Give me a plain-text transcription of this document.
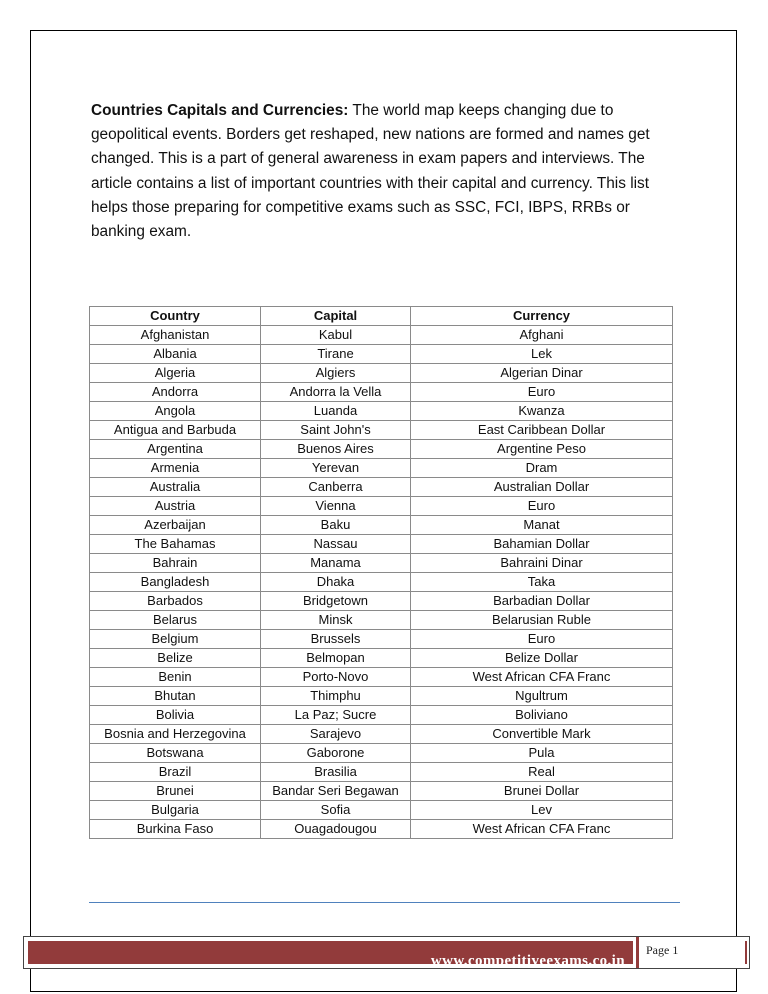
Countries Capitals and Currencies: The world map keeps changing due to geopolitical events. Borders get reshaped, new nations are formed and names get changed. This is a part of general awareness in exam papers and interviews. The article contains a list of important countries with their capital and currency. This list helps those preparing for competitive exams such as SSC, FCI, IBPS, RRBs or banking exam.

Country	Capital	Currency
Afghanistan	Kabul	Afghani
Albania	Tirane	Lek
Algeria	Algiers	Algerian Dinar
Andorra	Andorra la Vella	Euro
Angola	Luanda	Kwanza
Antigua and Barbuda	Saint John's	East Caribbean Dollar
Argentina	Buenos Aires	Argentine Peso
Armenia	Yerevan	Dram
Australia	Canberra	Australian Dollar
Austria	Vienna	Euro
Azerbaijan	Baku	Manat
The Bahamas	Nassau	Bahamian Dollar
Bahrain	Manama	Bahraini Dinar
Bangladesh	Dhaka	Taka
Barbados	Bridgetown	Barbadian Dollar
Belarus	Minsk	Belarusian Ruble
Belgium	Brussels	Euro
Belize	Belmopan	Belize Dollar
Benin	Porto-Novo	West African CFA Franc
Bhutan	Thimphu	Ngultrum
Bolivia	La Paz; Sucre	Boliviano
Bosnia and Herzegovina	Sarajevo	Convertible Mark
Botswana	Gaborone	Pula
Brazil	Brasilia	Real
Brunei	Bandar Seri Begawan	Brunei Dollar
Bulgaria	Sofia	Lev
Burkina Faso	Ouagadougou	West African CFA Franc
www.competitiveexams.co.in
Page 1
